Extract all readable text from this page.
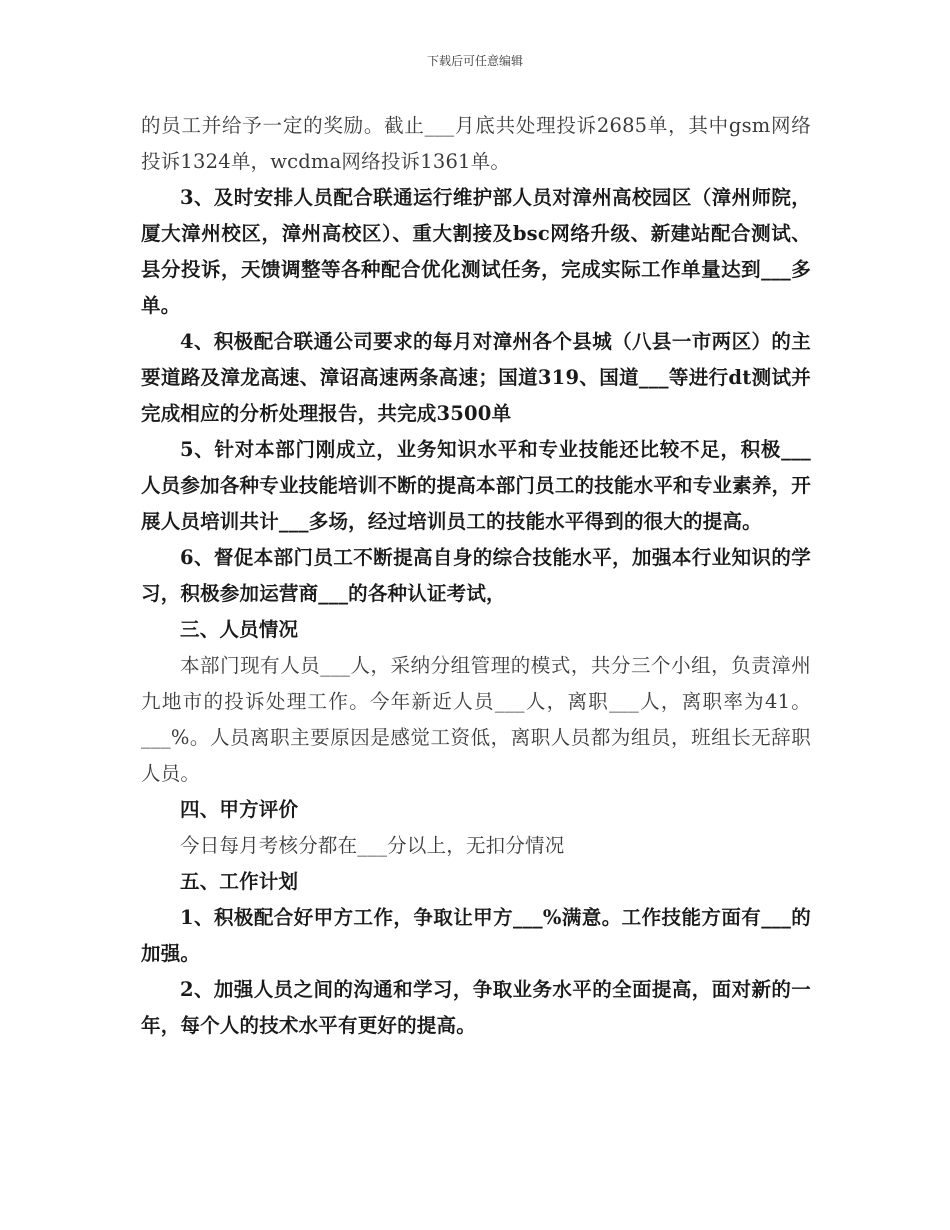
下载后可任意编辑

的员工并给予一定的奖励。截止___月底共处理投诉2685单，其中gsm网络投诉1324单，wcdma网络投诉1361单。

3、及时安排人员配合联通运行维护部人员对漳州高校园区（漳州师院，厦大漳州校区，漳州高校区）、重大割接及bsc网络升级、新建站配合测试、县分投诉，天馈调整等各种配合优化测试任务，完成实际工作单量达到___多单。

4、积极配合联通公司要求的每月对漳州各个县城（八县一市两区）的主要道路及漳龙高速、漳诏高速两条高速；国道319、国道___等进行dt测试并完成相应的分析处理报告，共完成3500单

5、针对本部门刚成立，业务知识水平和专业技能还比较不足，积极___人员参加各种专业技能培训不断的提高本部门员工的技能水平和专业素养，开展人员培训共计___多场，经过培训员工的技能水平得到的很大的提高。

6、督促本部门员工不断提高自身的综合技能水平，加强本行业知识的学习，积极参加运营商___的各种认证考试，

三、人员情况

本部门现有人员___人，采纳分组管理的模式，共分三个小组，负责漳州九地市的投诉处理工作。今年新近人员___人，离职___人，离职率为41。___%。人员离职主要原因是感觉工资低，离职人员都为组员，班组长无辞职人员。

四、甲方评价

今日每月考核分都在___分以上，无扣分情况

五、工作计划

1、积极配合好甲方工作，争取让甲方___%满意。工作技能方面有___的加强。

2、加强人员之间的沟通和学习，争取业务水平的全面提高，面对新的一年，每个人的技术水平有更好的提高。
